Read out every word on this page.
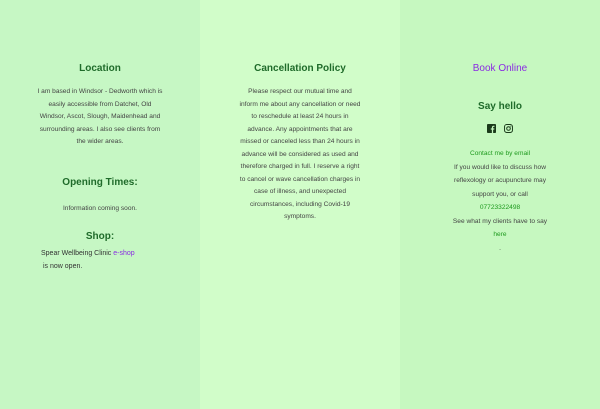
Location

I am based in Windsor - Dedworth which is easily accessible from Datchet, Old Windsor, Ascot, Slough, Maidenhead and surrounding areas. I also see clients from the wider areas.

Opening Times:

Information coming soon.

Shop:
Spear Wellbeing Clinic e-shop
is now open.
Cancellation Policy

Please respect our mutual time and inform me about any cancellation or need to reschedule at least 24 hours in advance. Any appointments that are missed or canceled less than 24 hours in advance will be considered as used and therefore charged in full. I reserve a right to cancel or wave cancellation charges in case of illness, and unexpected circumstances, including Covid-19 symptoms.

Book Online
Say hello
Contact me by email

If you would like to discuss how reflexology or acupuncture may support you, or call
07723322498
See what my clients have to say
here
.
